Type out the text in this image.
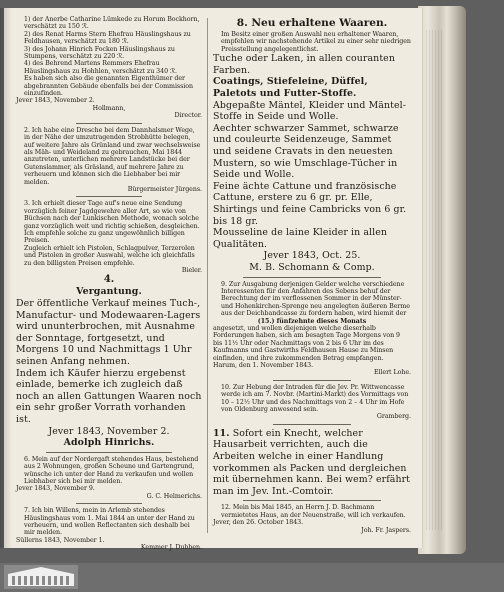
1) der Anerbe Catharine Lümkede zu Horum Bockhorn, verschätzt zu 150 ℛ.

2) des Renat Harms Stern Ehefrau Häuslingshaus zu Feldhausen, verschätzt zu 180 ℛ.

3) des Johann Hinrich Focken Häuslingshaus zu Stumpens, verschätzt zu 220 ℛ.

4) des Behrend Martens Remmers Ehefrau Häuslingshaus zu Hohhlen, verschätzt zu 340 ℛ.

Es haben sich also die genannten Eigenthümer der abgebrannten Gebäude ebenfalls bei der Commission einzufinden.

Jever 1843, November 2.

Hollmann,

Director.

2. Ich habe eine Dresche bei dem Dannhalsmer Wege, in der Nähe der umzutragenden Strobhütte belegen, auf weitere Jahre als Grünland und zwar wechselsweise als Mäh- und Weideland zu gebrauchen, Mai 1844 anzutreten, unterlichen mehrere Landstücke bei der Gutenslammer, als Gräsland, auf mehrere Jahre zu verheuern und können sich die Liebhaber bei mir melden.

Bürgermeister Jürgens.

3. Ich erhielt dieser Tage auf's neue eine Sendung vorzüglich feiner Jagdgewehre aller Art, so wie von Büchsen nach der Lunkischen Methode, wonach solche ganz vorzüglich weit und richtig schießen, desgleichen. Ich empfehle solche zu ganz ungewöhnlich billigen Preisen.

Zugleich erhielt ich Pistolen, Schlagpulver, Terzerolen und Pistolen in großer Auswahl, welche ich gleichfalls zu den billigsten Preisen empfehle.

Bieler.

4.

Vergantung.

Der öffentliche Verkauf meines Tuch-, Manufactur- und Modewaaren-Lagers wird ununterbrochen, mit Ausnahme der Sonntage, fortgesetzt, und Morgens 10 und Nachmittags 1 Uhr seinen Anfang nehmen.

Indem ich Käufer hierzu ergebenst einlade, bemerke ich zugleich daß noch an allen Gattungen Waaren noch ein sehr großer Vorrath vorhanden ist.

Jever 1843, November 2.

Adolph Hinrichs.

6. Mein auf der Nordergaft stehendes Haus, bestehend aus 2 Wohnungen, großen Scheune und Gartengrund, wünsche ich unter der Hand zu verkaufen und wollen Liebhaber sich bei mir melden.

Jever 1843, November 9.

G. C. Helmerichs.

7. Ich bin Willens, mein in Arlemb stehendes Häuslingshaus vom 1. Mai 1844 an unter der Hand zu verheuern, und wollen Reflectanten sich deshalb bei mir melden.

Süllerns 1843, November 1.

Kemmer J. Dubben.

8. Neu erhaltene Waaren.

Im Besitz einer großen Auswahl neu erhaltener Waaren, empfehlen wir nachstehende Artikel zu einer sehr niedrigen Preisstellung angelegentlichst.

Tuche oder Laken, in allen couranten Farben.

Coatings, Stiefeleine, Düffel, Paletots und Futter-Stoffe.

Abgepaßte Mäntel, Kleider und Mäntel-Stoffe in Seide und Wolle.

Aechter schwarzer Sammet, schwarze und couleurte Seidenzeuge, Sammet und seidene Cravats in den neuesten Mustern, so wie Umschlage-Tücher in Seide und Wolle.

Feine ächte Cattune und französische Cattune, erstere zu 6 gr. pr. Elle, Shirtings und feine Cambricks von 6 gr. bis 18 gr.

Mousseline de laine Kleider in allen Qualitäten.

Jever 1843, Oct. 25.

M. B. Schomann & Comp.

9. Zur Ausgabung derjenigen Gelder welche verschiedene Interessenten für den Anfahren des Sebens behuf der Berechtung der im verflossenen Sommer in der Münster- und Hohenkirchen-Sprenge neu angelegten äußeren Berme aus der Deichbandcasse zu fordern haben, wird hiemit der

(15.) fünfzehnte dieses Monats

angesetzt, und wollen diejenigen welche dieserhalb Forderungen haben, sich am besagten Tage Morgens von 9 bis 11½ Uhr oder Nachmittags von 2 bis 6 Uhr im des Kaufmanns und Gastwirths Feldhausen Hause zu Minsen einfinden, und ihre zukommenden Betrag empfangen.

Harum, den 1. November 1843.

Ellert Lohe.

10. Zur Hebung der Intraden für die Jev. Pr. Wittwencasse werde ich am 7. Novbr. (Martini-Markt) des Vormittags von 10 – 12½ Uhr und des Nachmittags von 2 – 4 Uhr im Hofe von Oldenburg anwesend sein.

Gramberg.

11. Sofort ein Knecht, welcher Hausarbeit verrichten, auch die Arbeiten welche in einer Handlung vorkommen als Packen und dergleichen mit übernehmen kann. Bei wem? erfährt man im Jev. Int.-Comtoir.

12. Mein bis Mai 1845, an Herrn J. D. Bachmann vermietetes Haus, an der Neuenstraße, will ich verkaufen.

Jever, den 26. October 1843.

Joh. Fr. Jaspers.
